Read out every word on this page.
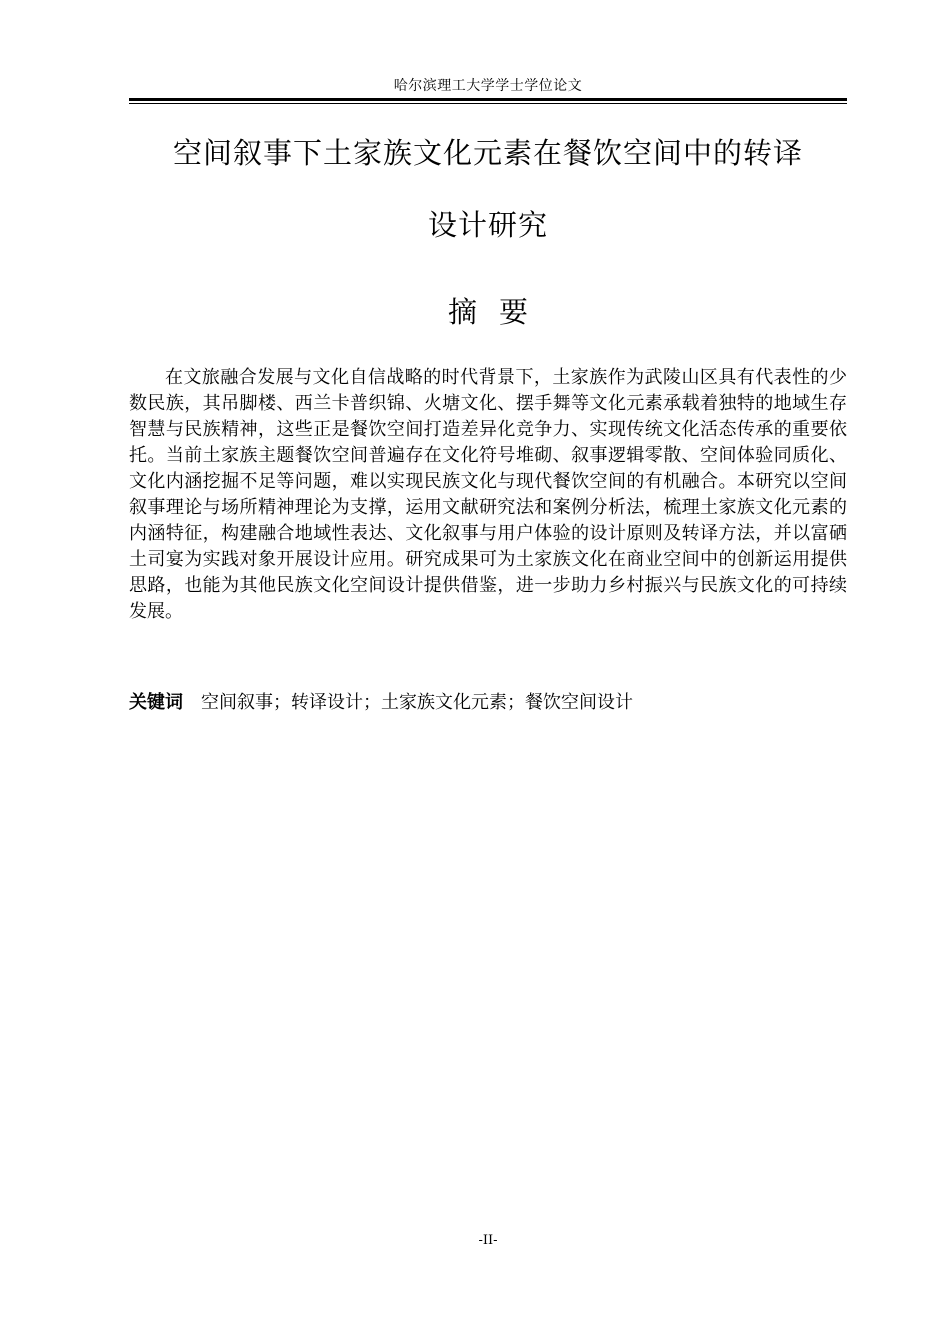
哈尔滨理工大学学士学位论文
空间叙事下土家族文化元素在餐饮空间中的转译
设计研究
摘要

在文旅融合发展与文化自信战略的时代背景下，土家族作为武陵山区具有代表性的少数民族，其吊脚楼、西兰卡普织锦、火塘文化、摆手舞等文化元素承载着独特的地域生存智慧与民族精神，这些正是餐饮空间打造差异化竞争力、实现传统文化活态传承的重要依托。当前土家族主题餐饮空间普遍存在文化符号堆砌、叙事逻辑零散、空间体验同质化、文化内涵挖掘不足等问题，难以实现民族文化与现代餐饮空间的有机融合。本研究以空间叙事理论与场所精神理论为支撑，运用文献研究法和案例分析法，梳理土家族文化元素的内涵特征，构建融合地域性表达、文化叙事与用户体验的设计原则及转译方法，并以富硒土司宴为实践对象开展设计应用。研究成果可为土家族文化在商业空间中的创新运用提供思路，也能为其他民族文化空间设计提供借鉴，进一步助力乡村振兴与民族文化的可持续发展。

关键词 空间叙事；转译设计；土家族文化元素；餐饮空间设计
-II-
